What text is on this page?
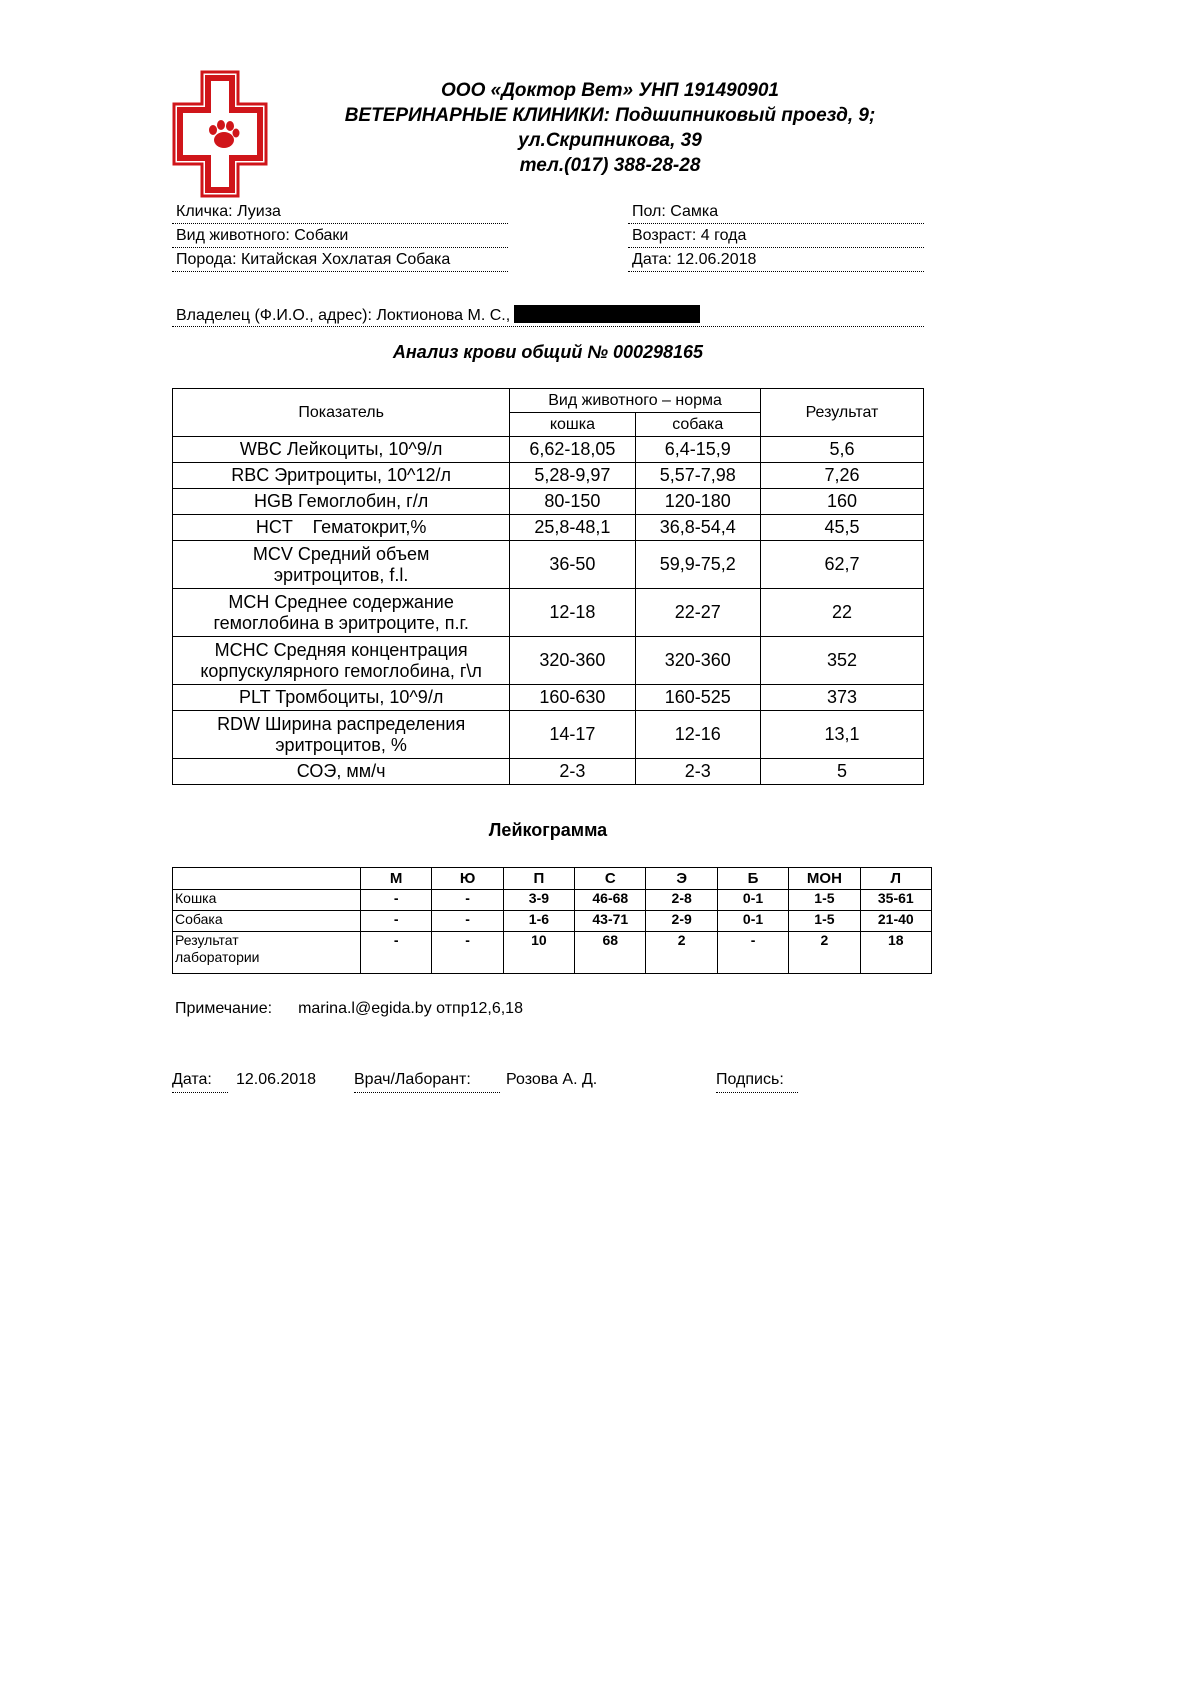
ООО «Доктор Вет» УНП 191490901
ВЕТЕРИНАРНЫЕ КЛИНИКИ: Подшипниковый проезд, 9;
ул.Скрипникова, 39
тел.(017) 388-28-28
Кличка: Луиза
Вид животного: Собаки
Порода: Китайская Хохлатая Собака
Пол: Самка
Возраст: 4 года
Дата: 12.06.2018
Владелец (Ф.И.О., адрес): Локтионова М. С.,
Анализ крови общий № 000298165
Показатель	Вид животного – норма		Результат
	кошка	собака	
WBC Лейкоциты, 10^9/л	6,62-18,05	6,4-15,9	5,6
RBC Эритроциты, 10^12/л	5,28-9,97	5,57-7,98	7,26
HGB Гемоглобин, г/л	80-150	120-180	160
HCT    Гематокрит,%	25,8-48,1	36,8-54,4	45,5
MCV Средний объем
эритроцитов, f.l.	36-50	59,9-75,2	62,7
MCH Среднее содержание
гемоглобина в эритроците, п.г.	12-18	22-27	22
MCHC Средняя концентрация
корпускулярного гемоглобина, г\л	320-360	320-360	352
PLT Тромбоциты, 10^9/л	160-630	160-525	373
RDW Ширина распределения
эритроцитов, %	14-17	12-16	13,1
СОЭ, мм/ч	2-3	2-3	5
Лейкограмма
	М	Ю	П	С	Э	Б	МОН	Л
Кошка	-	-	3-9	46-68	2-8	0-1	1-5	35-61
Собака	-	-	1-6	43-71	2-9	0-1	1-5	21-40
Результат
лаборатории	-	-	10	68	2	-	2	18
Примечание: marina.l@egida.by отпр12,6,18
Дата:	12.06.2018 Врач/Лаборант:	Розова А. Д.	Подпись:
